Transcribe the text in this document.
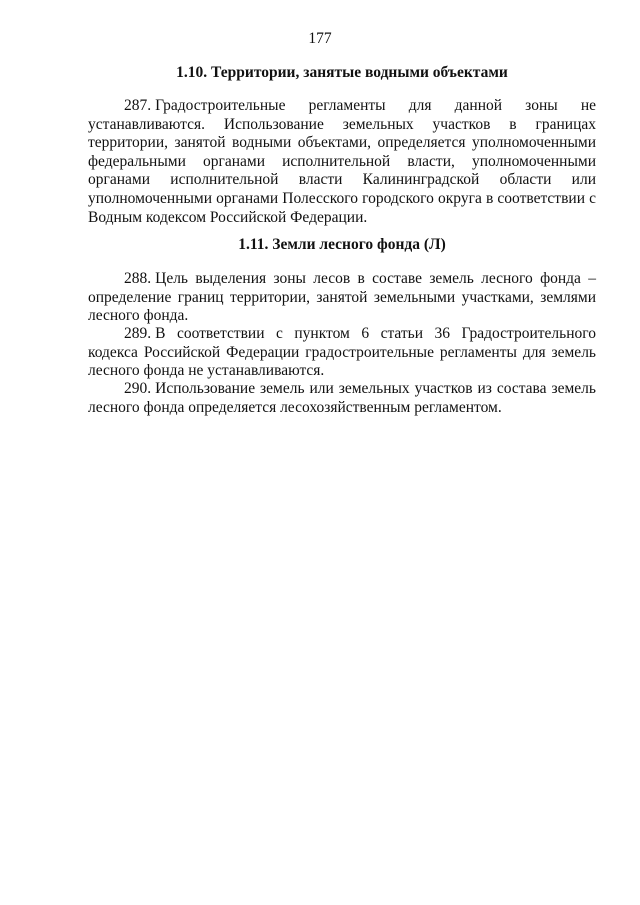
177
1.10. Территории, занятые водными объектами

287. Градостроительные регламенты для данной зоны не устанавливаются. Использование земельных участков в границах территории, занятой водными объектами, определяется уполномоченными федеральными органами исполнительной власти, уполномоченными органами исполнительной власти Калининградской области или уполномоченными органами Полесского городского округа в соответствии с Водным кодексом Российской Федерации.

1.11. Земли лесного фонда (Л)

288. Цель выделения зоны лесов в составе земель лесного фонда – определение границ территории, занятой земельными участками, землями лесного фонда.

289. В соответствии с пунктом 6 статьи 36 Градостроительного кодекса Российской Федерации градостроительные регламенты для земель лесного фонда не устанавливаются.

290. Использование земель или земельных участков из состава земель лесного фонда определяется лесохозяйственным регламентом.
